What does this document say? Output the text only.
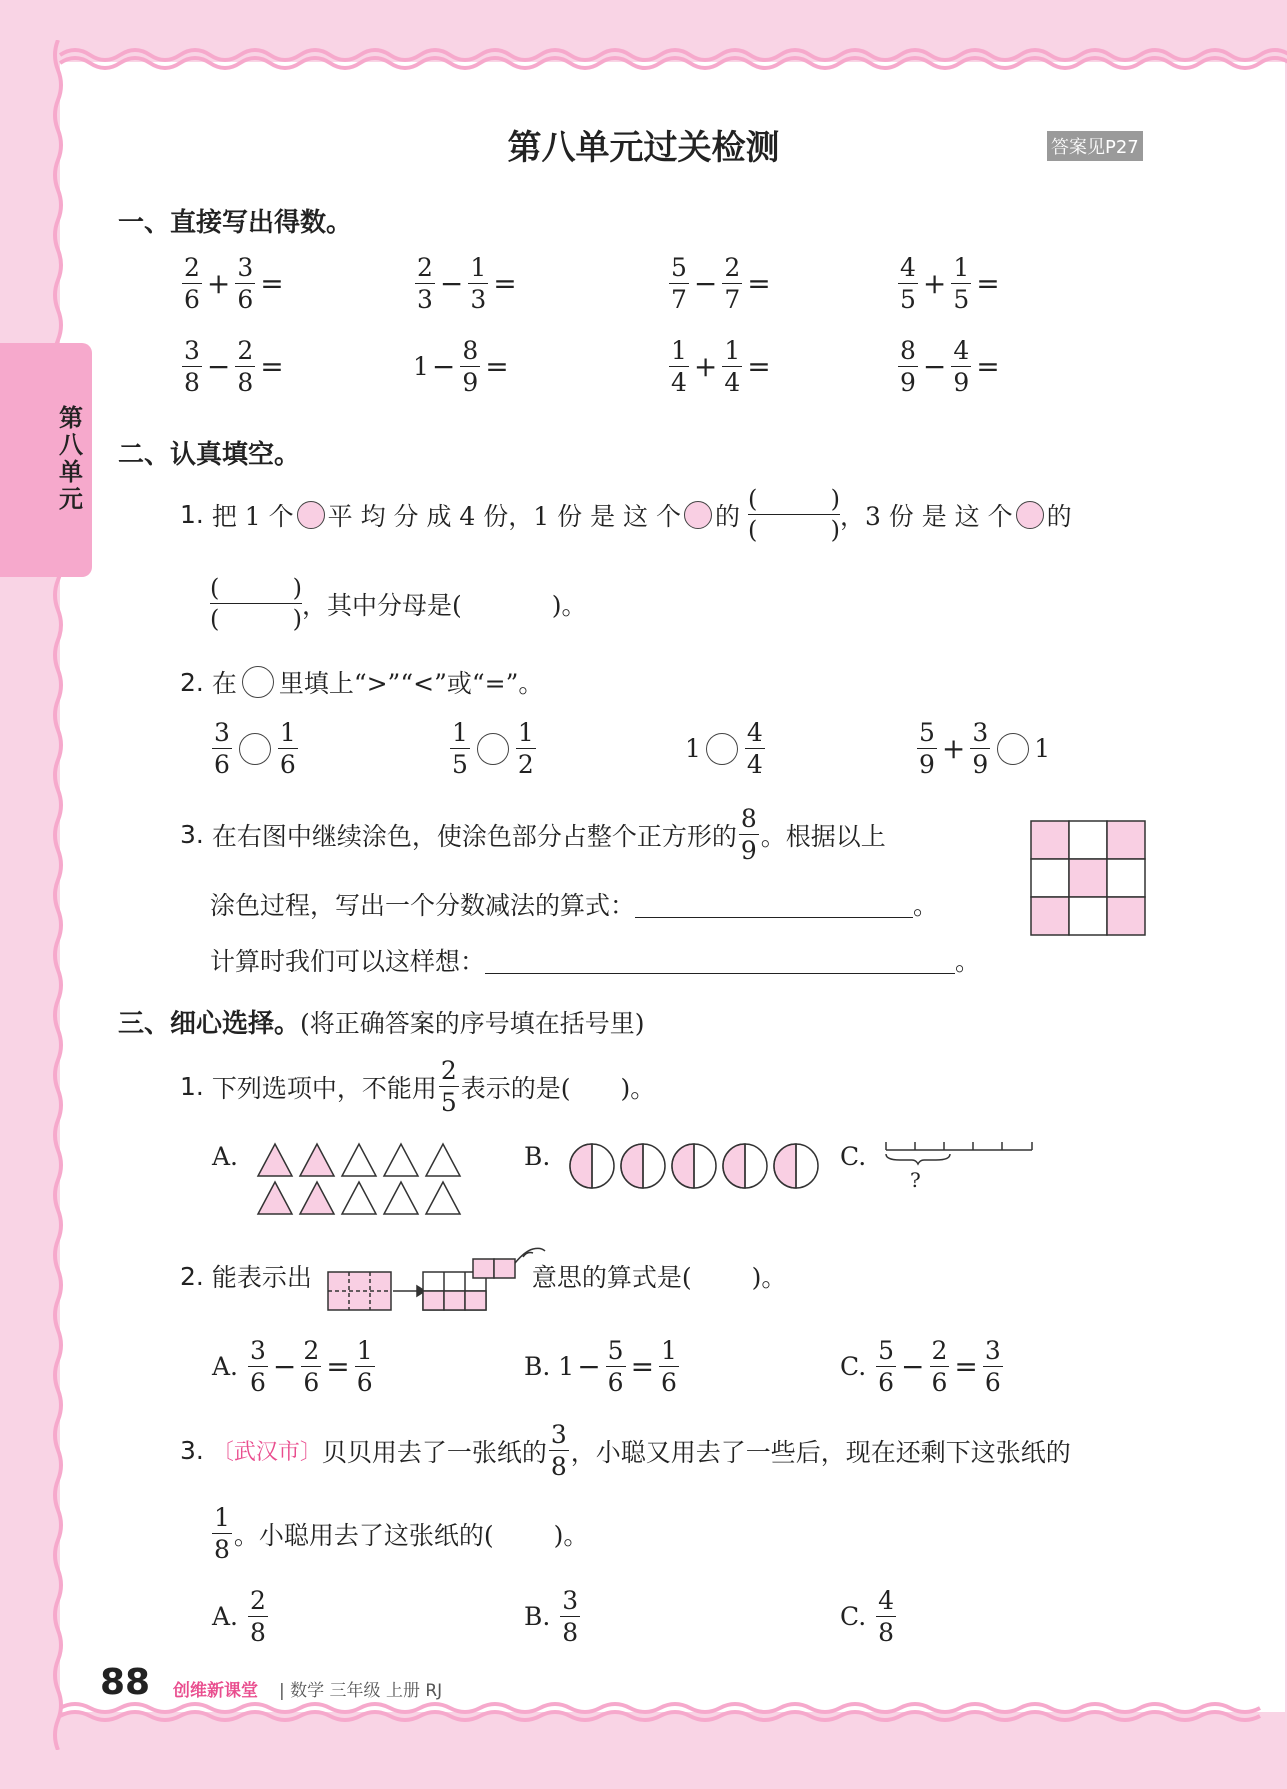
第八单元
第八单元过关检测	答案见P27
一、直接写出得数。
$\frac{2}{6} + \frac{3}{6}$ =	$\frac{2}{3} - \frac{1}{3}$ =	$\frac{5}{7} - \frac{2}{7}$ =	$\frac{4}{5} + \frac{1}{5}$ =
$\frac{3}{8} - \frac{2}{8}$ =	$1 - \frac{8}{9}$ =	$\frac{1}{4} + \frac{1}{4}$ =	$\frac{8}{9} - \frac{4}{9}$ =
二、认真填空。
1.
把 1 个 平 均 分 成 4 份，1 份 是 这 个 的

(	)
(	) ，3 份 是 这 个 的
(	)
(	) ，其中分母是(	)。
2.
在 里填上“>”“<”或“=”。
$\frac{3}{6} \frac{1}{6}$	$\frac{1}{5} \frac{1}{2}$	$1 \frac{4}{4}$	$\frac{5}{9} + \frac{3}{9} 1$
3.
在右图中继续涂色，使涂色部分占整个正方形的 $\frac{8}{9}$ 。根据以上
涂色过程，写出一个分数减法的算式：	。
计算时我们可以这样想：	。
三、细心选择。(将正确答案的序号填在括号里)
1.
下列选项中，不能用 $\frac{2}{5}$ 表示的是( )。
A.	B.	C.
?
2.
能表示出	意思的算式是( )。
A.
$\frac{3}{6} - \frac{2}{6} = \frac{1}{6}$	B.
$1 - \frac{5}{6} = \frac{1}{6}$	C.
$\frac{5}{6} - \frac{2}{6} = \frac{3}{6}$
3.
〔武汉市〕 贝贝用去了一张纸的 $\frac{3}{8}$ ，小聪又用去了一些后，现在还剩下这张纸的
$\frac{1}{8}$ 。小聪用去了这张纸的( )。
A.
$\frac{2}{8}$	B.
$\frac{3}{8}$	C.
$\frac{4}{8}$
88 创维新课堂 | 数学 三年级 上册 RJ
